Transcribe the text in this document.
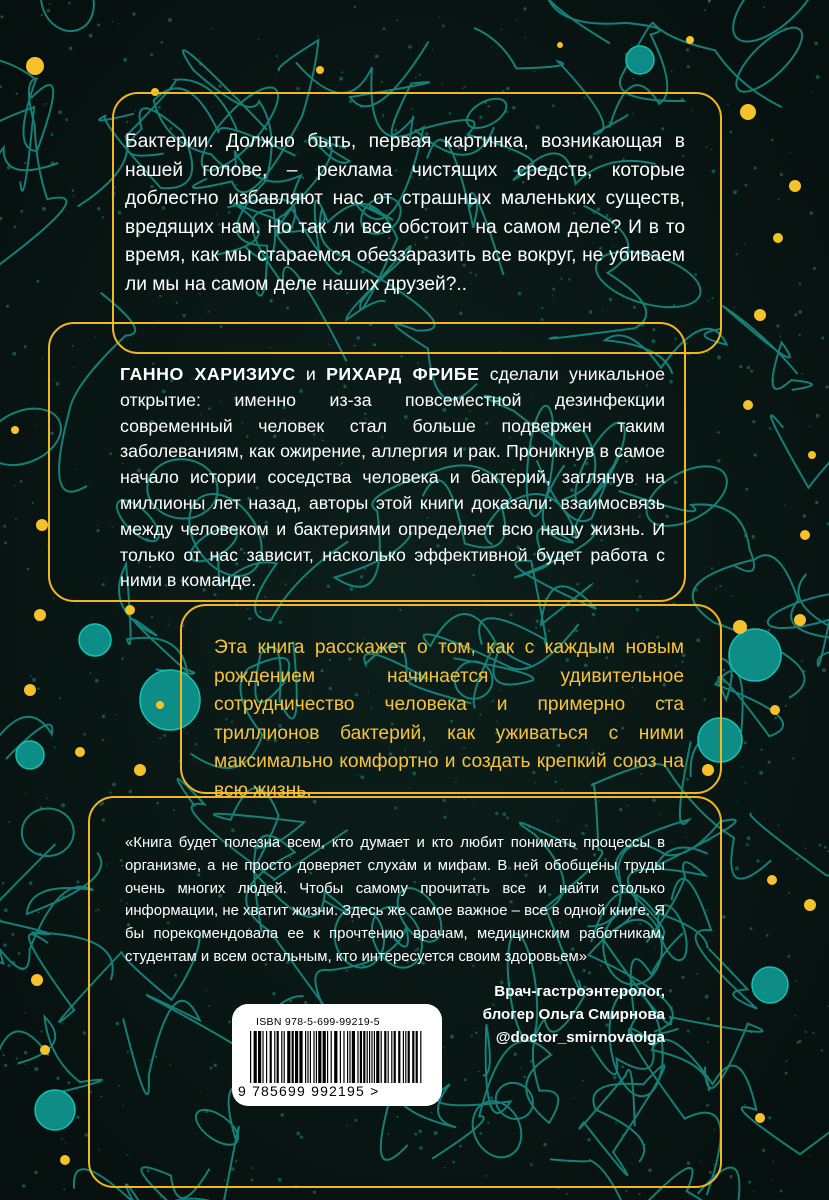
Бактерии. Должно быть, первая картинка, возникающая в нашей голове, – реклама чистящих средств, которые доблестно избавляют нас от страшных маленьких существ, вредящих нам. Но так ли все обстоит на самом деле? И в то время, как мы стараемся обеззаразить все вокруг, не убиваем ли мы на самом деле наших друзей?..
ГАННО ХАРИЗИУС и РИХАРД ФРИБЕ сделали уникальное открытие: именно из-за повсеместной дезинфекции современный человек стал больше подвержен таким заболеваниям, как ожирение, аллергия и рак. Проникнув в самое начало истории соседства человека и бактерий, заглянув на миллионы лет назад, авторы этой книги доказали: взаимосвязь между человеком и бактериями определяет всю нашу жизнь. И только от нас зависит, насколько эффективной будет работа с ними в команде.
Эта книга расскажет о том, как с каждым новым рождением начинается удивительное сотрудничество человека и примерно ста триллионов бактерий, как уживаться с ними максимально комфортно и создать крепкий союз на всю жизнь.
«Книга будет полезна всем, кто думает и кто любит понимать процессы в организме, а не просто доверяет слухам и мифам. В ней обобщены труды очень многих людей. Чтобы самому прочитать все и найти столько информации, не хватит жизни. Здесь же самое важное – все в одной книге. Я бы порекомендовала ее к прочтению врачам, медицинским работникам, студентам и всем остальным, кто интересуется своим здоровьем»
Врач-гастроэнтеролог,
блогер Ольга Смирнова
@doctor_smirnovaolga
ISBN 978-5-699-99219-5
9 785699 992195 >
